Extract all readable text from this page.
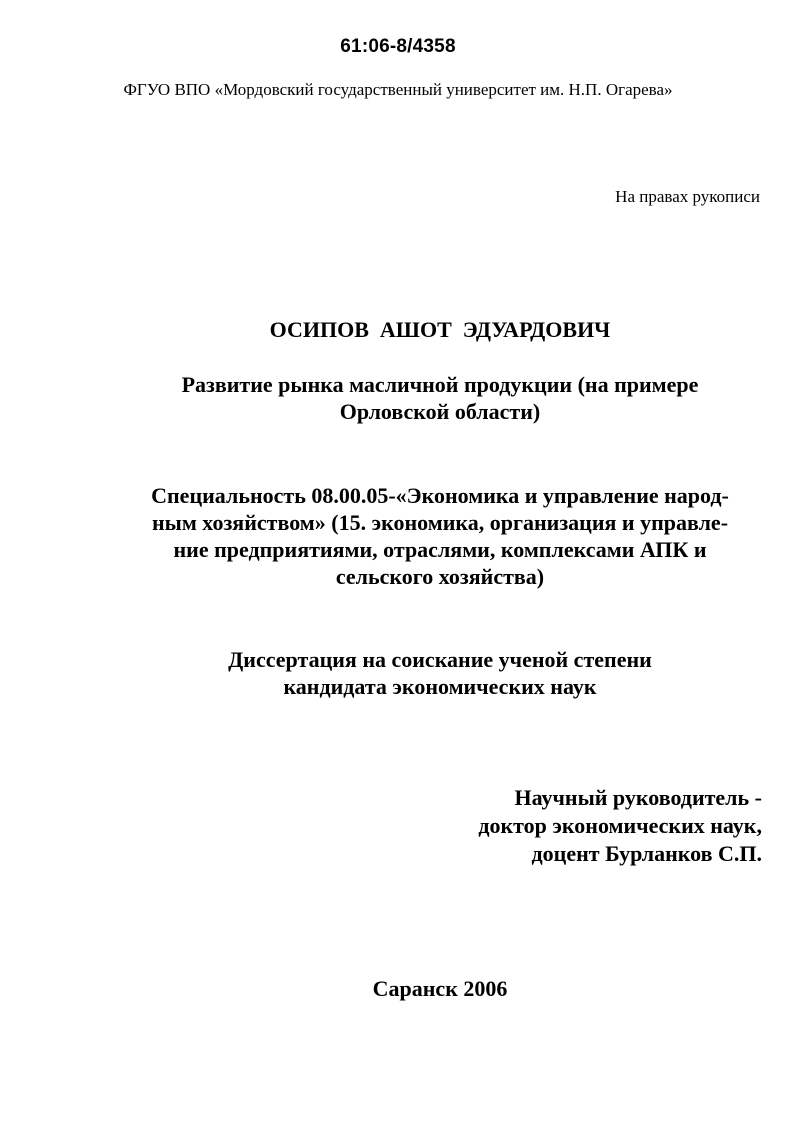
61:06-8/4358
ФГУО ВПО «Мордовский государственный университет им. Н.П. Огарева»
На правах рукописи
ОСИПОВ  АШОТ  ЭДУАРДОВИЧ
Развитие рынка масличной продукции (на примере
Орловской области)
Специальность 08.00.05-«Экономика и управление народ-
ным хозяйством» (15. экономика, организация и управле-
ние предприятиями, отраслями, комплексами АПК и
сельского хозяйства)
Диссертация на соискание ученой степени
кандидата экономических наук
Научный руководитель -
доктор экономических наук,
доцент Бурланков С.П.
Саранск 2006
